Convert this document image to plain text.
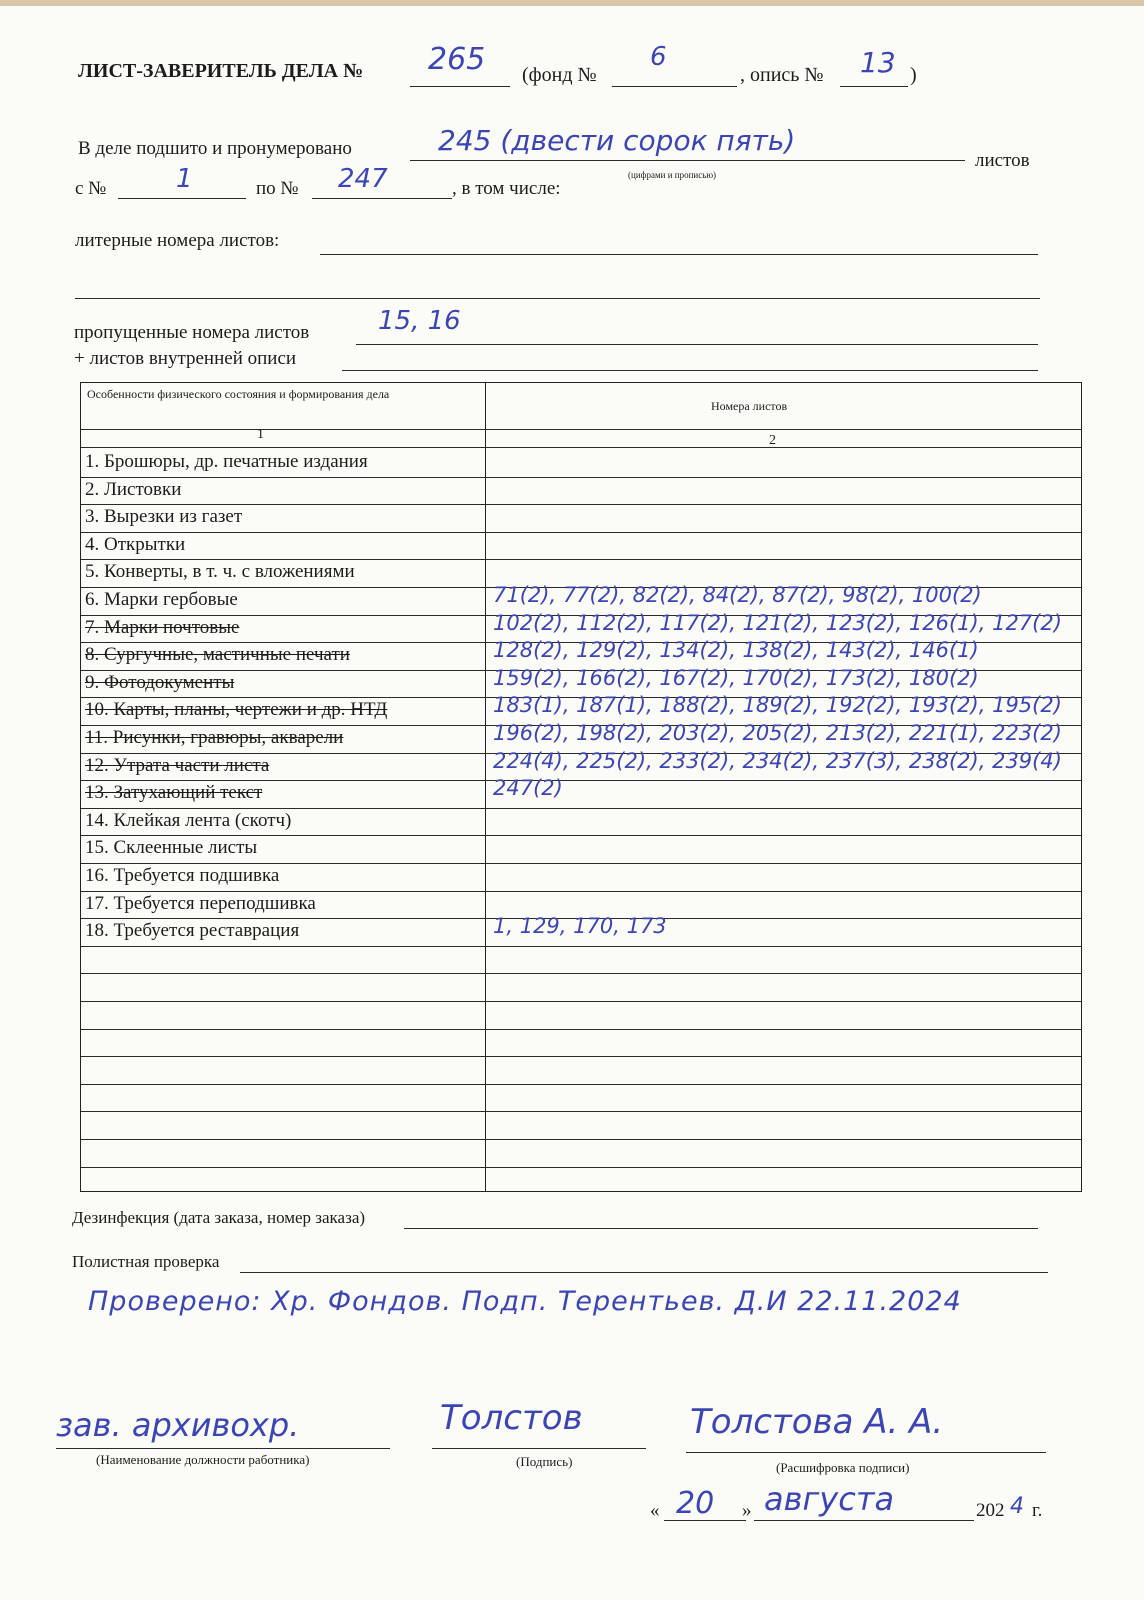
ЛИСТ-ЗАВЕРИТЕЛЬ ДЕЛА № 265 (фонд №
6
, опись № 13 )
В деле подшито и пронумеровано	245 (двести сорок пять)
листов
(цифрами и прописью)
с №	1	по № 247	, в том числе:
литерные номера листов:
пропущенные номера листов	15, 16
+ листов внутренней описи
Особенности физического состояния и формирования дела
Номера листов
1	2
1. Брошюры, др. печатные издания
2. Листовки
3. Вырезки из газет
4. Открытки
5. Конверты, в т. ч. с вложениями
6. Марки гербовые	71(2), 77(2), 82(2), 84(2), 87(2), 98(2), 100(2)
7. Марки почтовые	102(2), 112(2), 117(2), 121(2), 123(2), 126(1), 127(2)
8. Сургучные, мастичные печати	128(2), 129(2), 134(2), 138(2), 143(2), 146(1)
9. Фотодокументы	159(2), 166(2), 167(2), 170(2), 173(2), 180(2)
10. Карты, планы, чертежи и др. НТД	183(1), 187(1), 188(2), 189(2), 192(2), 193(2), 195(2)
11. Рисунки, гравюры, акварели	196(2), 198(2), 203(2), 205(2), 213(2), 221(1), 223(2)
12. Утрата части листа	224(4), 225(2), 233(2), 234(2), 237(3), 238(2), 239(4)
13. Затухающий текст	247(2)
14. Клейкая лента (скотч)
15. Склеенные листы
16. Требуется подшивка
17. Требуется переподшивка
18. Требуется реставрация	1, 129, 170, 173
Дезинфекция (дата заказа, номер заказа)
Полистная проверка
Проверено: Хр. Фондов. Подп. Терентьев. Д.И 22.11.2024
зав. архивохр.
(Наименование должности работника)
Толстов
(Подпись)
Толстова А. А.
(Расшифровка подписи)
« 20 » августа	202 4 г.
